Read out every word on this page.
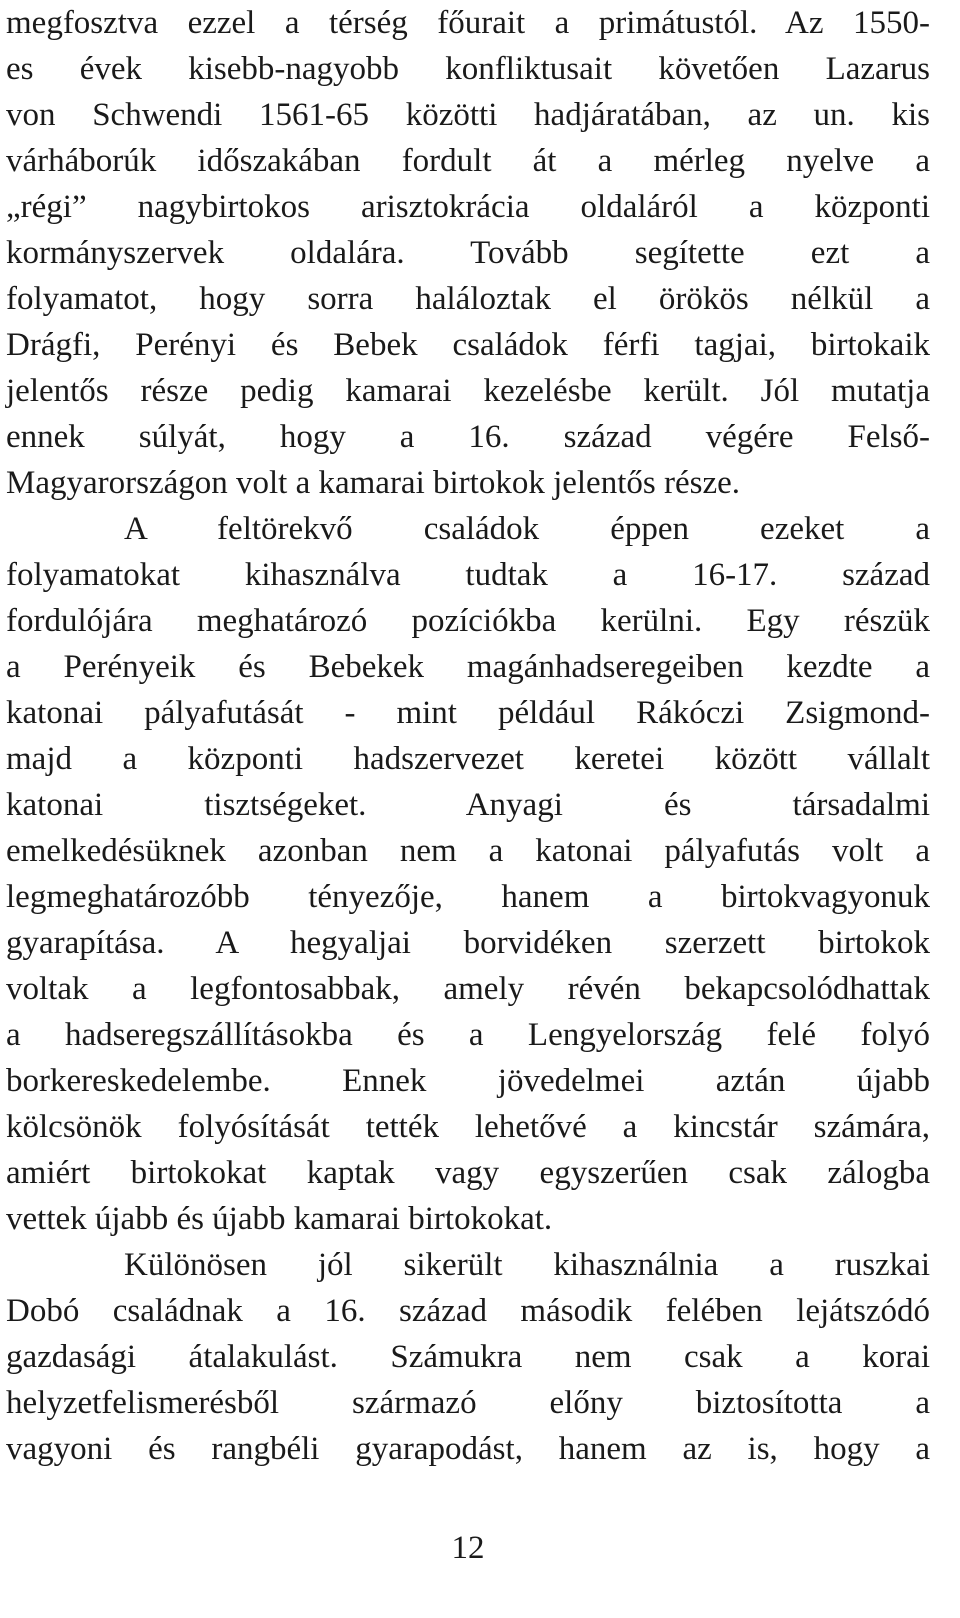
megfosztva ezzel a térség főurait a primátustól. Az 1550-
es évek kisebb-nagyobb konfliktusait követően Lazarus
von Schwendi 1561-65 közötti hadjáratában, az un. kis
várháborúk időszakában fordult át a mérleg nyelve a
„régi” nagybirtokos arisztokrácia oldaláról a központi
kormányszervek oldalára. Tovább segítette ezt a
folyamatot, hogy sorra haláloztak el örökös nélkül a
Drágfi, Perényi és Bebek családok férfi tagjai, birtokaik
jelentős része pedig kamarai kezelésbe került. Jól mutatja
ennek súlyát, hogy a 16. század végére Felső-
Magyarországon volt a kamarai birtokok jelentős része.
A feltörekvő családok éppen ezeket a
folyamatokat kihasználva tudtak a 16-17. század
fordulójára meghatározó pozíciókba kerülni. Egy részük
a Perényeik és Bebekek magánhadseregeiben kezdte a
katonai pályafutását - mint például Rákóczi Zsigmond-
majd a központi hadszervezet keretei között vállalt
katonai tisztségeket. Anyagi és társadalmi
emelkedésüknek azonban nem a katonai pályafutás volt a
legmeghatározóbb tényezője, hanem a birtokvagyonuk
gyarapítása. A hegyaljai borvidéken szerzett birtokok
voltak a legfontosabbak, amely révén bekapcsolódhattak
a hadseregszállításokba és a Lengyelország felé folyó
borkereskedelembe. Ennek jövedelmei aztán újabb
kölcsönök folyósítását tették lehetővé a kincstár számára,
amiért birtokokat kaptak vagy egyszerűen csak zálogba
vettek újabb és újabb kamarai birtokokat.
Különösen jól sikerült kihasználnia a ruszkai
Dobó családnak a 16. század második felében lejátszódó
gazdasági átalakulást. Számukra nem csak a korai
helyzetfelismerésből származó előny biztosította a
vagyoni és rangbéli gyarapodást, hanem az is, hogy a
12
